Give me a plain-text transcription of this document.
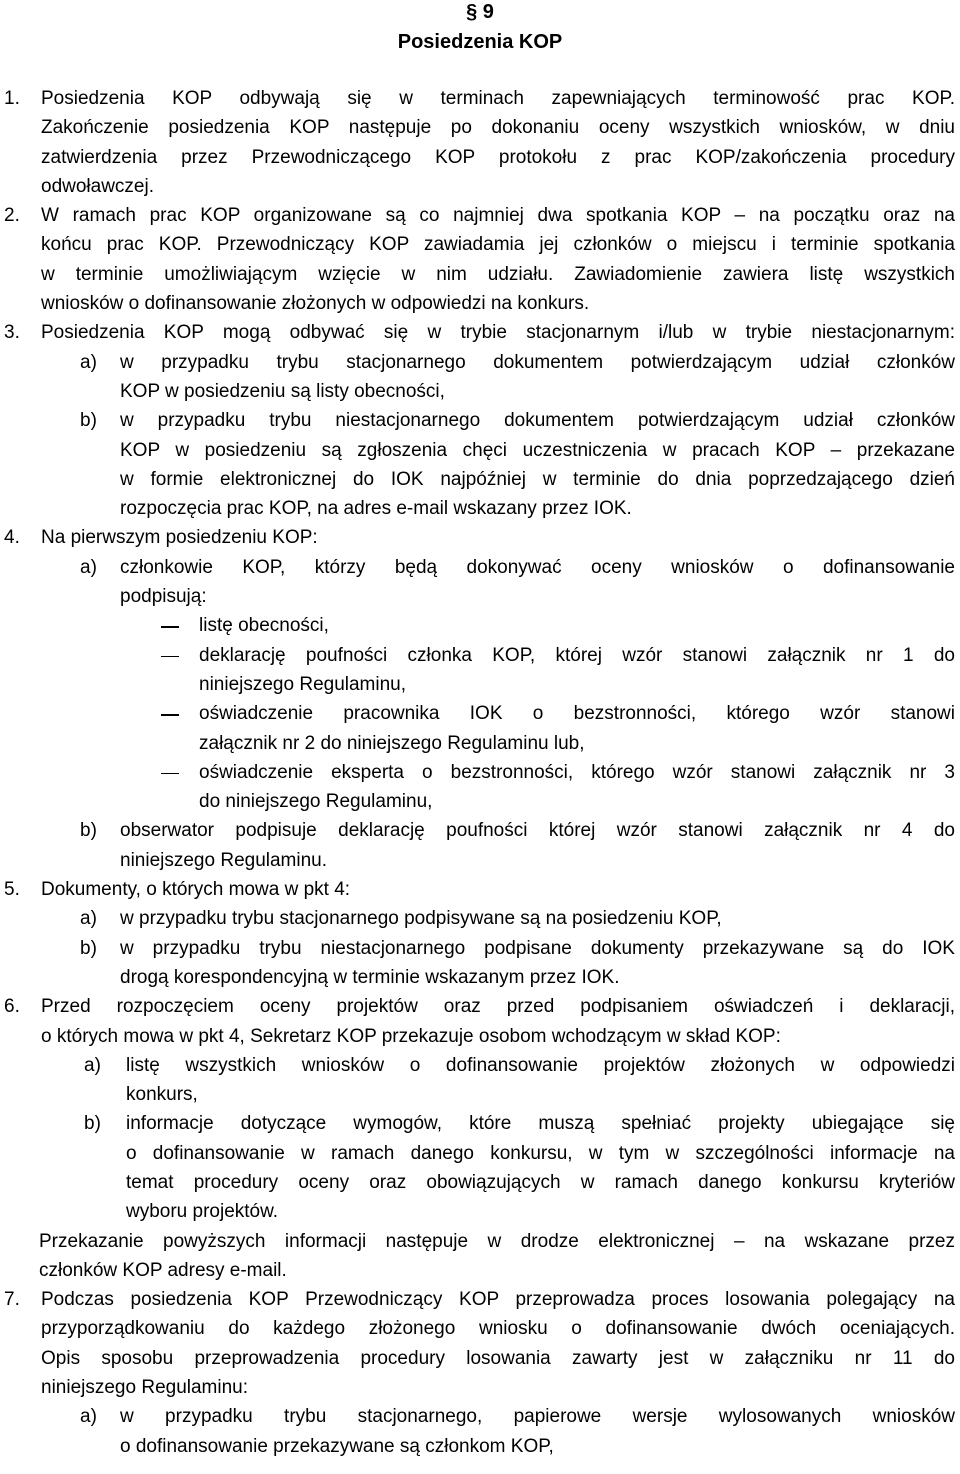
§ 9
Posiedzenia KOP
Posiedzenia KOP odbywają się w terminach zapewniających terminowość prac KOP.
1.
Zakończenie posiedzenia KOP następuje po dokonaniu oceny wszystkich wniosków, w dniu
zatwierdzenia przez Przewodniczącego KOP protokołu z prac KOP/zakończenia procedury
odwoławczej.
W ramach prac KOP organizowane są co najmniej dwa spotkania KOP – na początku oraz na
2.
końcu prac KOP. Przewodniczący KOP zawiadamia jej członków o miejscu i terminie spotkania
w terminie umożliwiającym wzięcie w nim udziału. Zawiadomienie zawiera listę wszystkich
wniosków o dofinansowanie złożonych w odpowiedzi na konkurs.
Posiedzenia KOP mogą odbywać się w trybie stacjonarnym i/lub w trybie niestacjonarnym:
3.
w przypadku trybu stacjonarnego dokumentem potwierdzającym udział członków
a)
KOP w posiedzeniu są listy obecności,
w przypadku trybu niestacjonarnego dokumentem potwierdzającym udział członków
b)
KOP w posiedzeniu są zgłoszenia chęci uczestniczenia w pracach KOP – przekazane
w formie elektronicznej do IOK najpóźniej w terminie do dnia poprzedzającego dzień
rozpoczęcia prac KOP, na adres e-mail wskazany przez IOK.
Na pierwszym posiedzeniu KOP:
4.
członkowie KOP, którzy będą dokonywać oceny wniosków o dofinansowanie
a)
podpisują:
listę obecności,
deklarację poufności członka KOP, której wzór stanowi załącznik nr 1 do
niniejszego Regulaminu,
oświadczenie pracownika IOK o bezstronności, którego wzór stanowi
załącznik nr 2 do niniejszego Regulaminu lub,
oświadczenie eksperta o bezstronności, którego wzór stanowi załącznik nr 3
do niniejszego Regulaminu,
obserwator podpisuje deklarację poufności której wzór stanowi załącznik nr 4 do
b)
niniejszego Regulaminu.
Dokumenty, o których mowa w pkt 4:
5.
w przypadku trybu stacjonarnego podpisywane są na posiedzeniu KOP,
a)
w przypadku trybu niestacjonarnego podpisane dokumenty przekazywane są do IOK
b)
drogą korespondencyjną w terminie wskazanym przez IOK.
Przed rozpoczęciem oceny projektów oraz przed podpisaniem oświadczeń i deklaracji,
6.
o których mowa w pkt 4, Sekretarz KOP przekazuje osobom wchodzącym w skład KOP:
listę wszystkich wniosków o dofinansowanie projektów złożonych w odpowiedzi
a)
konkurs,
informacje dotyczące wymogów, które muszą spełniać projekty ubiegające się
b)
o dofinansowanie w ramach danego konkursu, w tym w szczególności informacje na
temat procedury oceny oraz obowiązujących w ramach danego konkursu kryteriów
wyboru projektów.
Przekazanie powyższych informacji następuje w drodze elektronicznej – na wskazane przez
członków KOP adresy e-mail.
Podczas posiedzenia KOP Przewodniczący KOP przeprowadza proces losowania polegający na
7.
przyporządkowaniu do każdego złożonego wniosku o dofinansowanie dwóch oceniających.
Opis sposobu przeprowadzenia procedury losowania zawarty jest w załączniku nr 11 do
niniejszego Regulaminu:
w przypadku trybu stacjonarnego, papierowe wersje wylosowanych wniosków
a)
o dofinansowanie przekazywane są członkom KOP,
